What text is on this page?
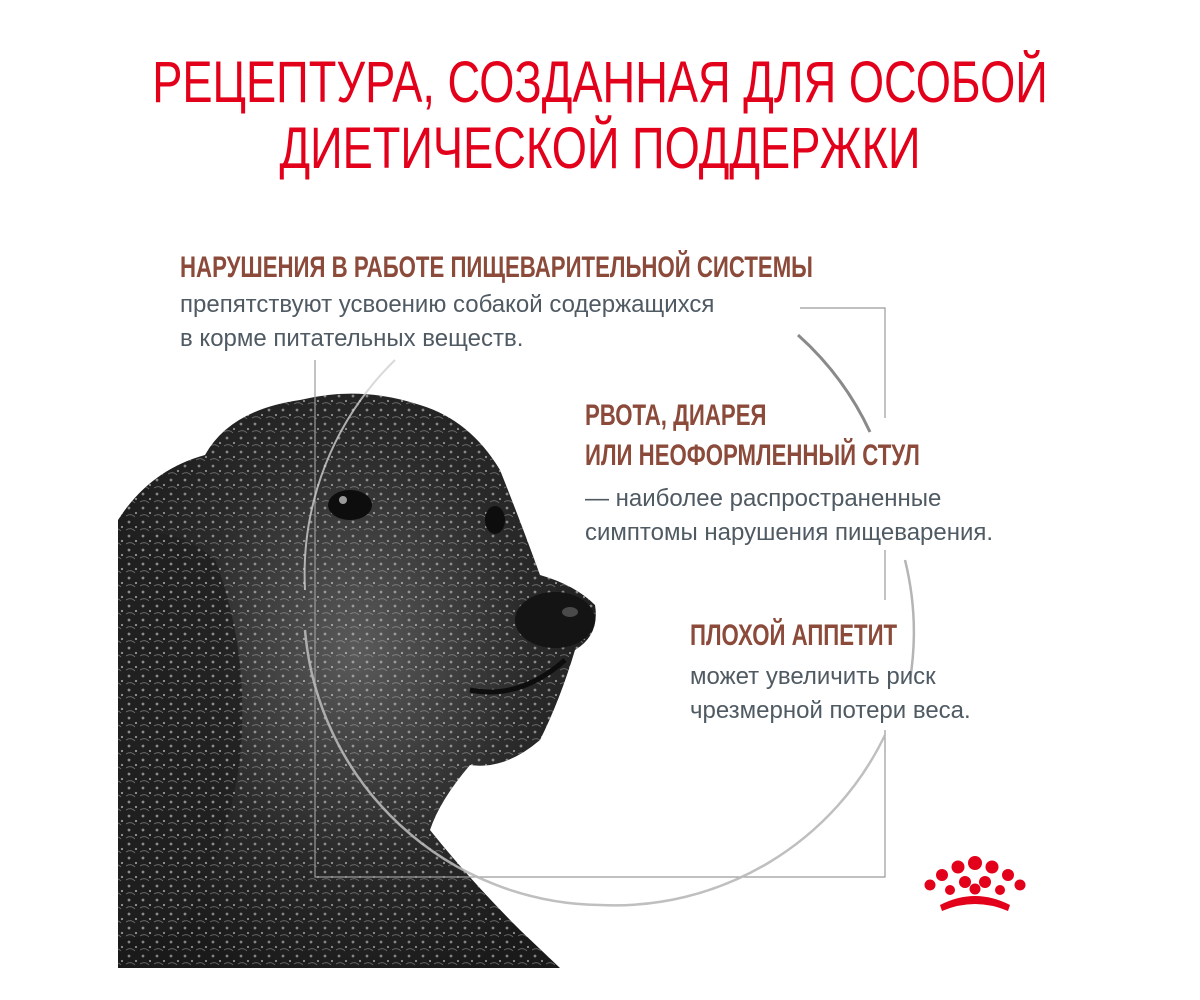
РЕЦЕПТУРА, СОЗДАННАЯ ДЛЯ ОСОБОЙ
ДИЕТИЧЕСКОЙ ПОДДЕРЖКИ
НАРУШЕНИЯ В РАБОТЕ ПИЩЕВАРИТЕЛЬНОЙ СИСТЕМЫ
препятствуют усвоению собакой содержащихся
в корме питательных веществ.
РВОТА, ДИАРЕЯ
ИЛИ НЕОФОРМЛЕННЫЙ СТУЛ
— наиболее распространенные
симптомы нарушения пищеварения.
ПЛОХОЙ АППЕТИТ
может увеличить риск
чрезмерной потери веса.
